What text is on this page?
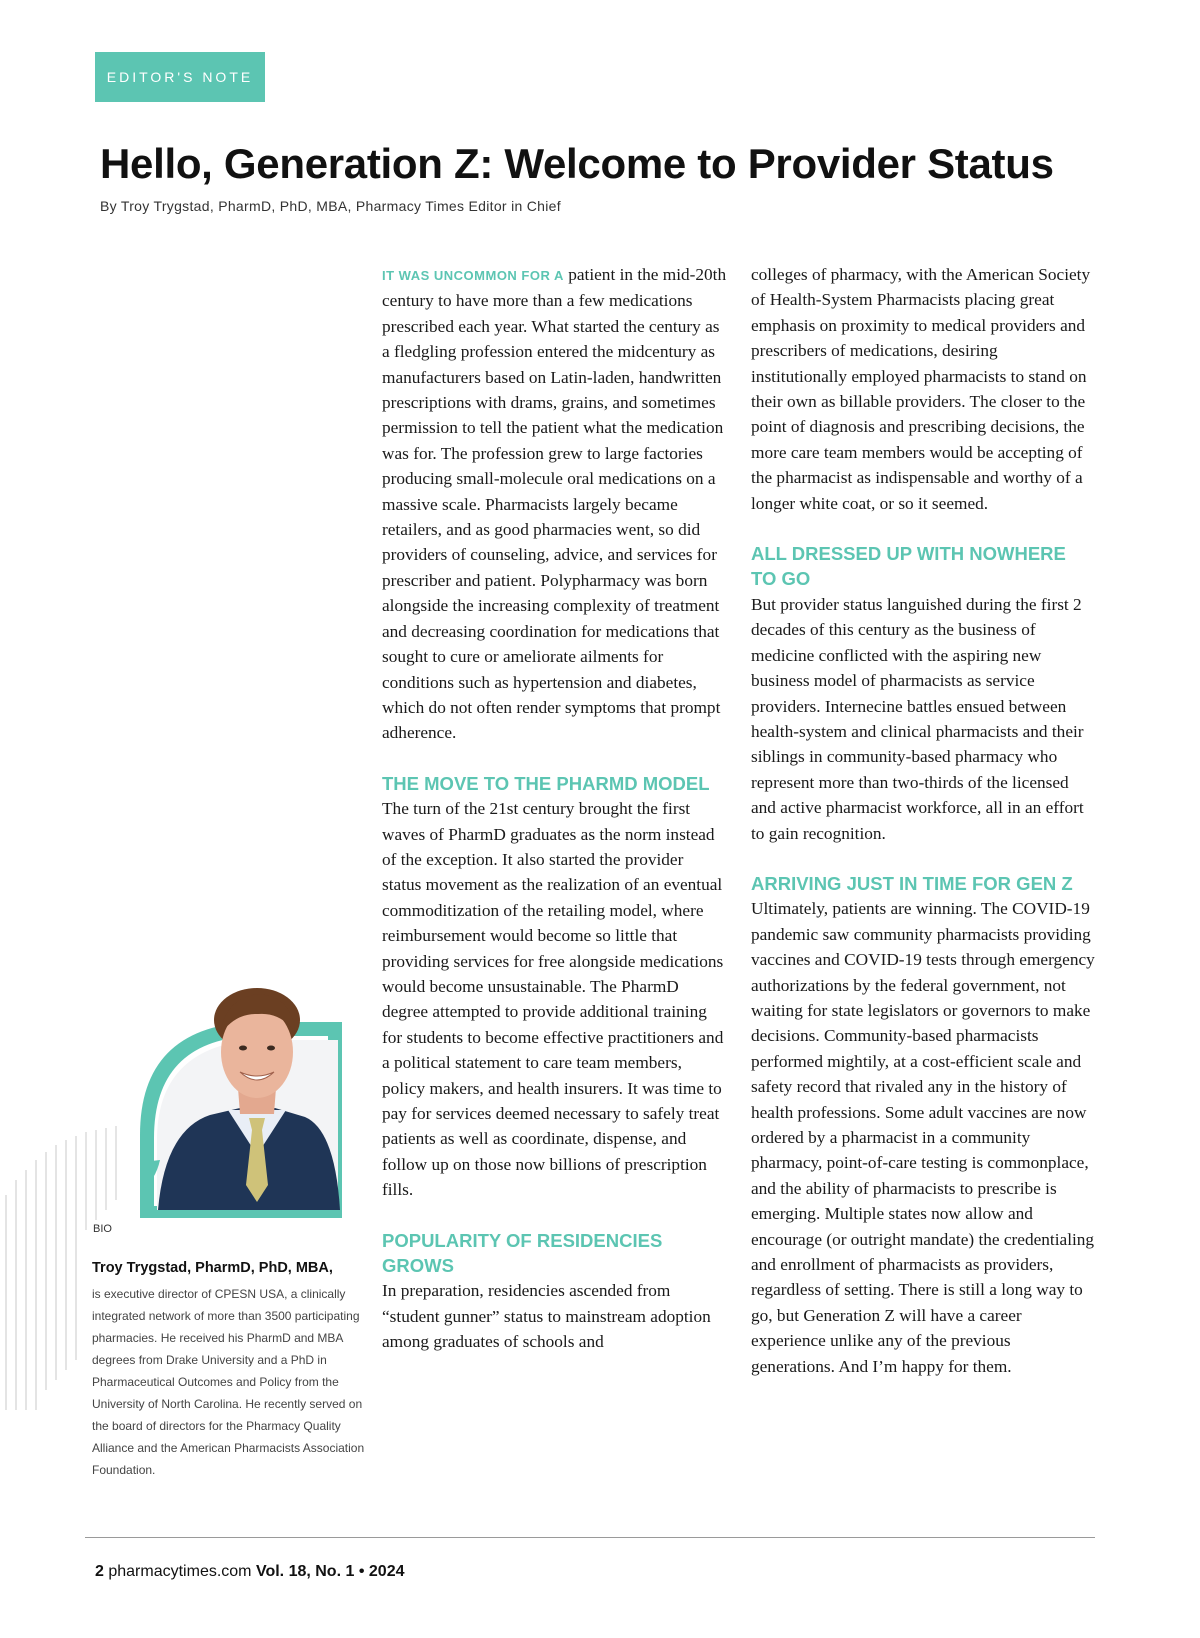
EDITOR'S NOTE
Hello, Generation Z: Welcome to Provider Status
By Troy Trygstad, PharmD, PhD, MBA, Pharmacy Times Editor in Chief

IT WAS UNCOMMON FOR A patient in the mid-20th century to have more than a few medications prescribed each year. What started the century as a fledgling profession entered the midcentury as manufacturers based on Latin-laden, handwritten prescriptions with drams, grains, and sometimes permission to tell the patient what the medication was for. The profession grew to large factories producing small-molecule oral medications on a massive scale. Pharmacists largely became retailers, and as good pharmacies went, so did providers of counseling, advice, and services for prescriber and patient. Polypharmacy was born alongside the increasing complexity of treatment and decreasing coordination for medications that sought to cure or ameliorate ailments for conditions such as hypertension and diabetes, which do not often render symptoms that prompt adherence.

THE MOVE TO THE PHARMD MODEL

The turn of the 21st century brought the first waves of PharmD graduates as the norm instead of the exception. It also started the provider status movement as the realization of an eventual commoditization of the retailing model, where reimbursement would become so little that providing services for free alongside medications would become unsustainable. The PharmD degree attempted to provide additional training for students to become effective practitioners and a political statement to care team members, policy makers, and health insurers. It was time to pay for services deemed necessary to safely treat patients as well as coordinate, dispense, and follow up on those now billions of prescription fills.

POPULARITY OF RESIDENCIES GROWS

In preparation, residencies ascended from “student gunner” status to mainstream adoption among graduates of schools and

colleges of pharmacy, with the American Society of Health-System Pharmacists placing great emphasis on proximity to medical providers and prescribers of medications, desiring institutionally employed pharmacists to stand on their own as billable providers. The closer to the point of diagnosis and prescribing decisions, the more care team members would be accepting of the pharmacist as indispensable and worthy of a longer white coat, or so it seemed.

ALL DRESSED UP WITH NOWHERE TO GO

But provider status languished during the first 2 decades of this century as the business of medicine conflicted with the aspiring new business model of pharmacists as service providers. Internecine battles ensued between health-system and clinical pharmacists and their siblings in community-based pharmacy who represent more than two-thirds of the licensed and active pharmacist workforce, all in an effort to gain recognition.

ARRIVING JUST IN TIME FOR GEN Z

Ultimately, patients are winning. The COVID-19 pandemic saw community pharmacists providing vaccines and COVID-19 tests through emergency authorizations by the federal government, not waiting for state legislators or governors to make decisions. Community-based pharmacists performed mightily, at a cost-efficient scale and safety record that rivaled any in the history of health professions. Some adult vaccines are now ordered by a pharmacist in a community pharmacy, point-of-care testing is commonplace, and the ability of pharmacists to prescribe is emerging. Multiple states now allow and encourage (or outright mandate) the credentialing and enrollment of pharmacists as providers, regardless of setting. There is still a long way to go, but Generation Z will have a career experience unlike any of the previous generations. And I’m happy for them.

BIO
Troy Trygstad, PharmD, PhD, MBA,
is executive director of CPESN USA, a clinically integrated network of more than 3500 participating pharmacies. He received his PharmD and MBA degrees from Drake University and a PhD in Pharmaceutical Outcomes and Policy from the University of North Carolina. He recently served on the board of directors for the Pharmacy Quality Alliance and the American Pharmacists Association Foundation.
2 pharmacytimes.com Vol. 18, No. 1 • 2024
